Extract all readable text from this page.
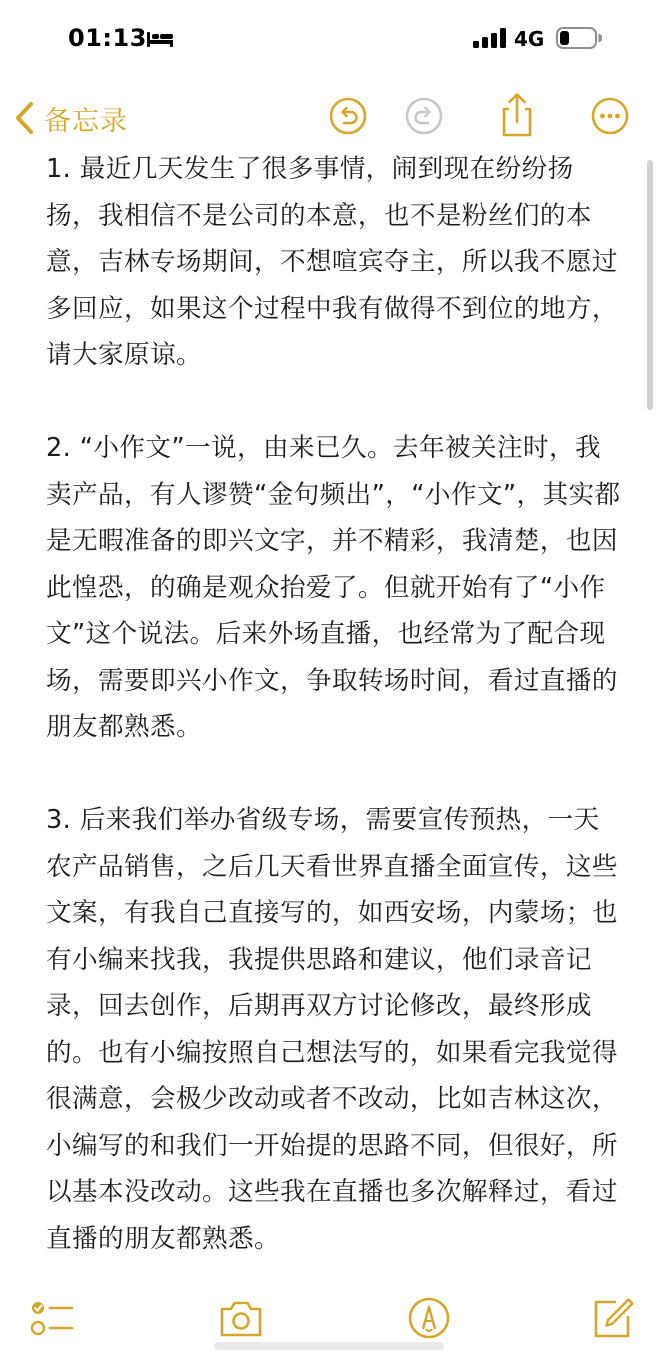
01:13	4G
备忘录

1. 最近几天发生了很多事情，闹到现在纷纷扬扬，我相信不是公司的本意，也不是粉丝们的本意，吉林专场期间，不想喧宾夺主，所以我不愿过多回应，如果这个过程中我有做得不到位的地方，请大家原谅。

2. “小作文”一说，由来已久。去年被关注时，我卖产品，有人谬赞“金句频出”，“小作文”，其实都是无暇准备的即兴文字，并不精彩，我清楚，也因此惶恐，的确是观众抬爱了。但就开始有了“小作文”这个说法。后来外场直播，也经常为了配合现场，需要即兴小作文，争取转场时间，看过直播的朋友都熟悉。

3. 后来我们举办省级专场，需要宣传预热，一天农产品销售，之后几天看世界直播全面宣传，这些文案，有我自己直接写的，如西安场，内蒙场；也有小编来找我，我提供思路和建议，他们录音记录，回去创作，后期再双方讨论修改，最终形成的。也有小编按照自己想法写的，如果看完我觉得很满意，会极少改动或者不改动，比如吉林这次，小编写的和我们一开始提的思路不同，但很好，所以基本没改动。这些我在直播也多次解释过，看过直播的朋友都熟悉。
